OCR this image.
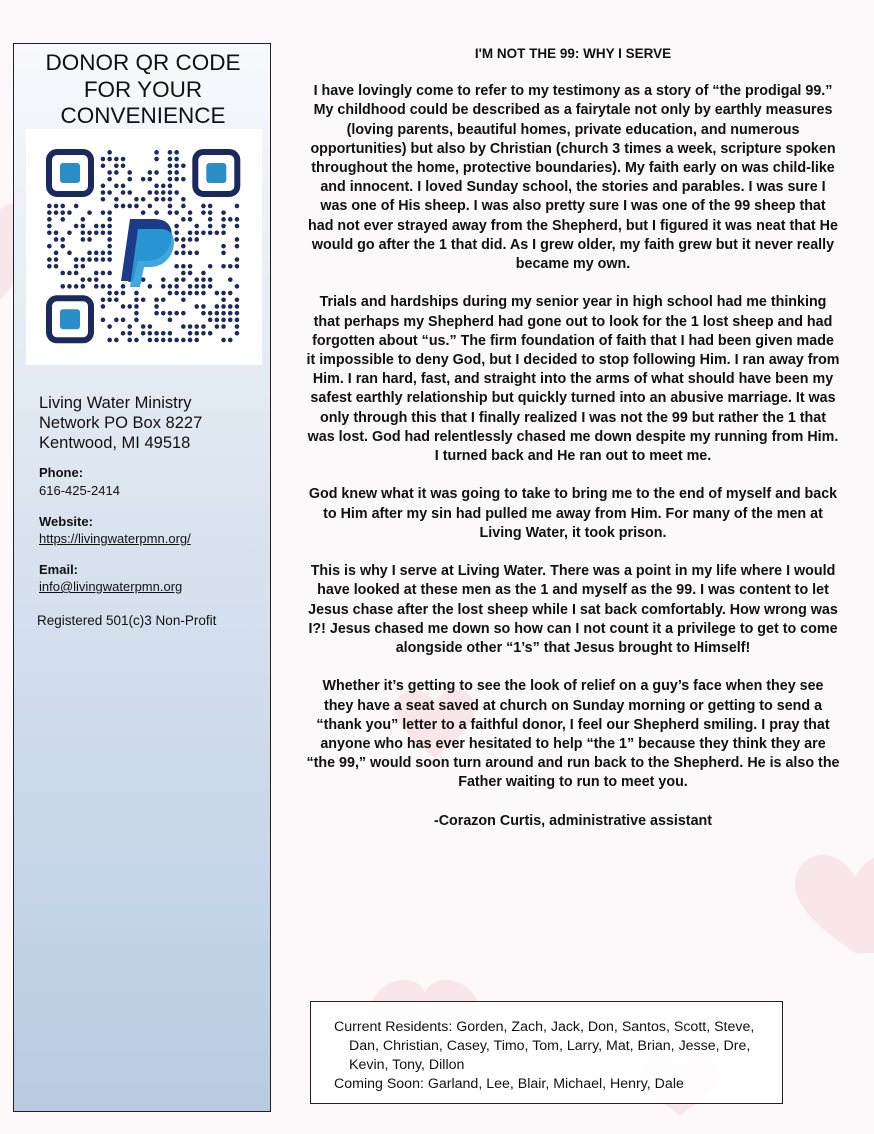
DONOR QR CODE
FOR YOUR
CONVENIENCE
Living Water Ministry
Network PO Box 8227
Kentwood, MI 49518
Phone:
616-425-2414
Website:
https://livingwaterpmn.org/
Email:
info@livingwaterpmn.org
Registered 501(c)3 Non-Profit
I'M NOT THE 99: WHY I SERVE

I have lovingly come to refer to my testimony as a story of “the prodigal 99.” My childhood could be described as a fairytale not only by earthly measures (loving parents, beautiful homes, private education, and numerous opportunities) but also by Christian (church 3 times a week, scripture spoken throughout the home, protective boundaries). My faith early on was child-like and innocent. I loved Sunday school, the stories and parables. I was sure I was one of His sheep. I was also pretty sure I was one of the 99 sheep that had not ever strayed away from the Shepherd, but I figured it was neat that He would go after the 1 that did. As I grew older, my faith grew but it never really became my own.

Trials and hardships during my senior year in high school had me thinking that perhaps my Shepherd had gone out to look for the 1 lost sheep and had forgotten about “us.” The firm foundation of faith that I had been given made it impossible to deny God, but I decided to stop following Him. I ran away from Him. I ran hard, fast, and straight into the arms of what should have been my safest earthly relationship but quickly turned into an abusive marriage. It was only through this that I finally realized I was not the 99 but rather the 1 that was lost. God had relentlessly chased me down despite my running from Him. I turned back and He ran out to meet me.

God knew what it was going to take to bring me to the end of myself and back to Him after my sin had pulled me away from Him. For many of the men at Living Water, it took prison.

This is why I serve at Living Water. There was a point in my life where I would have looked at these men as the 1 and myself as the 99. I was content to let Jesus chase after the lost sheep while I sat back comfortably. How wrong was I?! Jesus chased me down so how can I not count it a privilege to get to come alongside other “1’s” that Jesus brought to Himself!

Whether it’s getting to see the look of relief on a guy’s face when they see they have a seat saved at church on Sunday morning or getting to send a “thank you” letter to a faithful donor, I feel our Shepherd smiling. I pray that anyone who has ever hesitated to help “the 1” because they think they are “the 99,” would soon turn around and run back to the Shepherd. He is also the Father waiting to run to meet you.

-Corazon Curtis, administrative assistant

Current Residents: Gorden, Zach, Jack, Don, Santos, Scott, Steve, Dan, Christian, Casey, Timo, Tom, Larry, Mat, Brian, Jesse, Dre, Kevin, Tony, Dillon

Coming Soon: Garland, Lee, Blair, Michael, Henry, Dale
